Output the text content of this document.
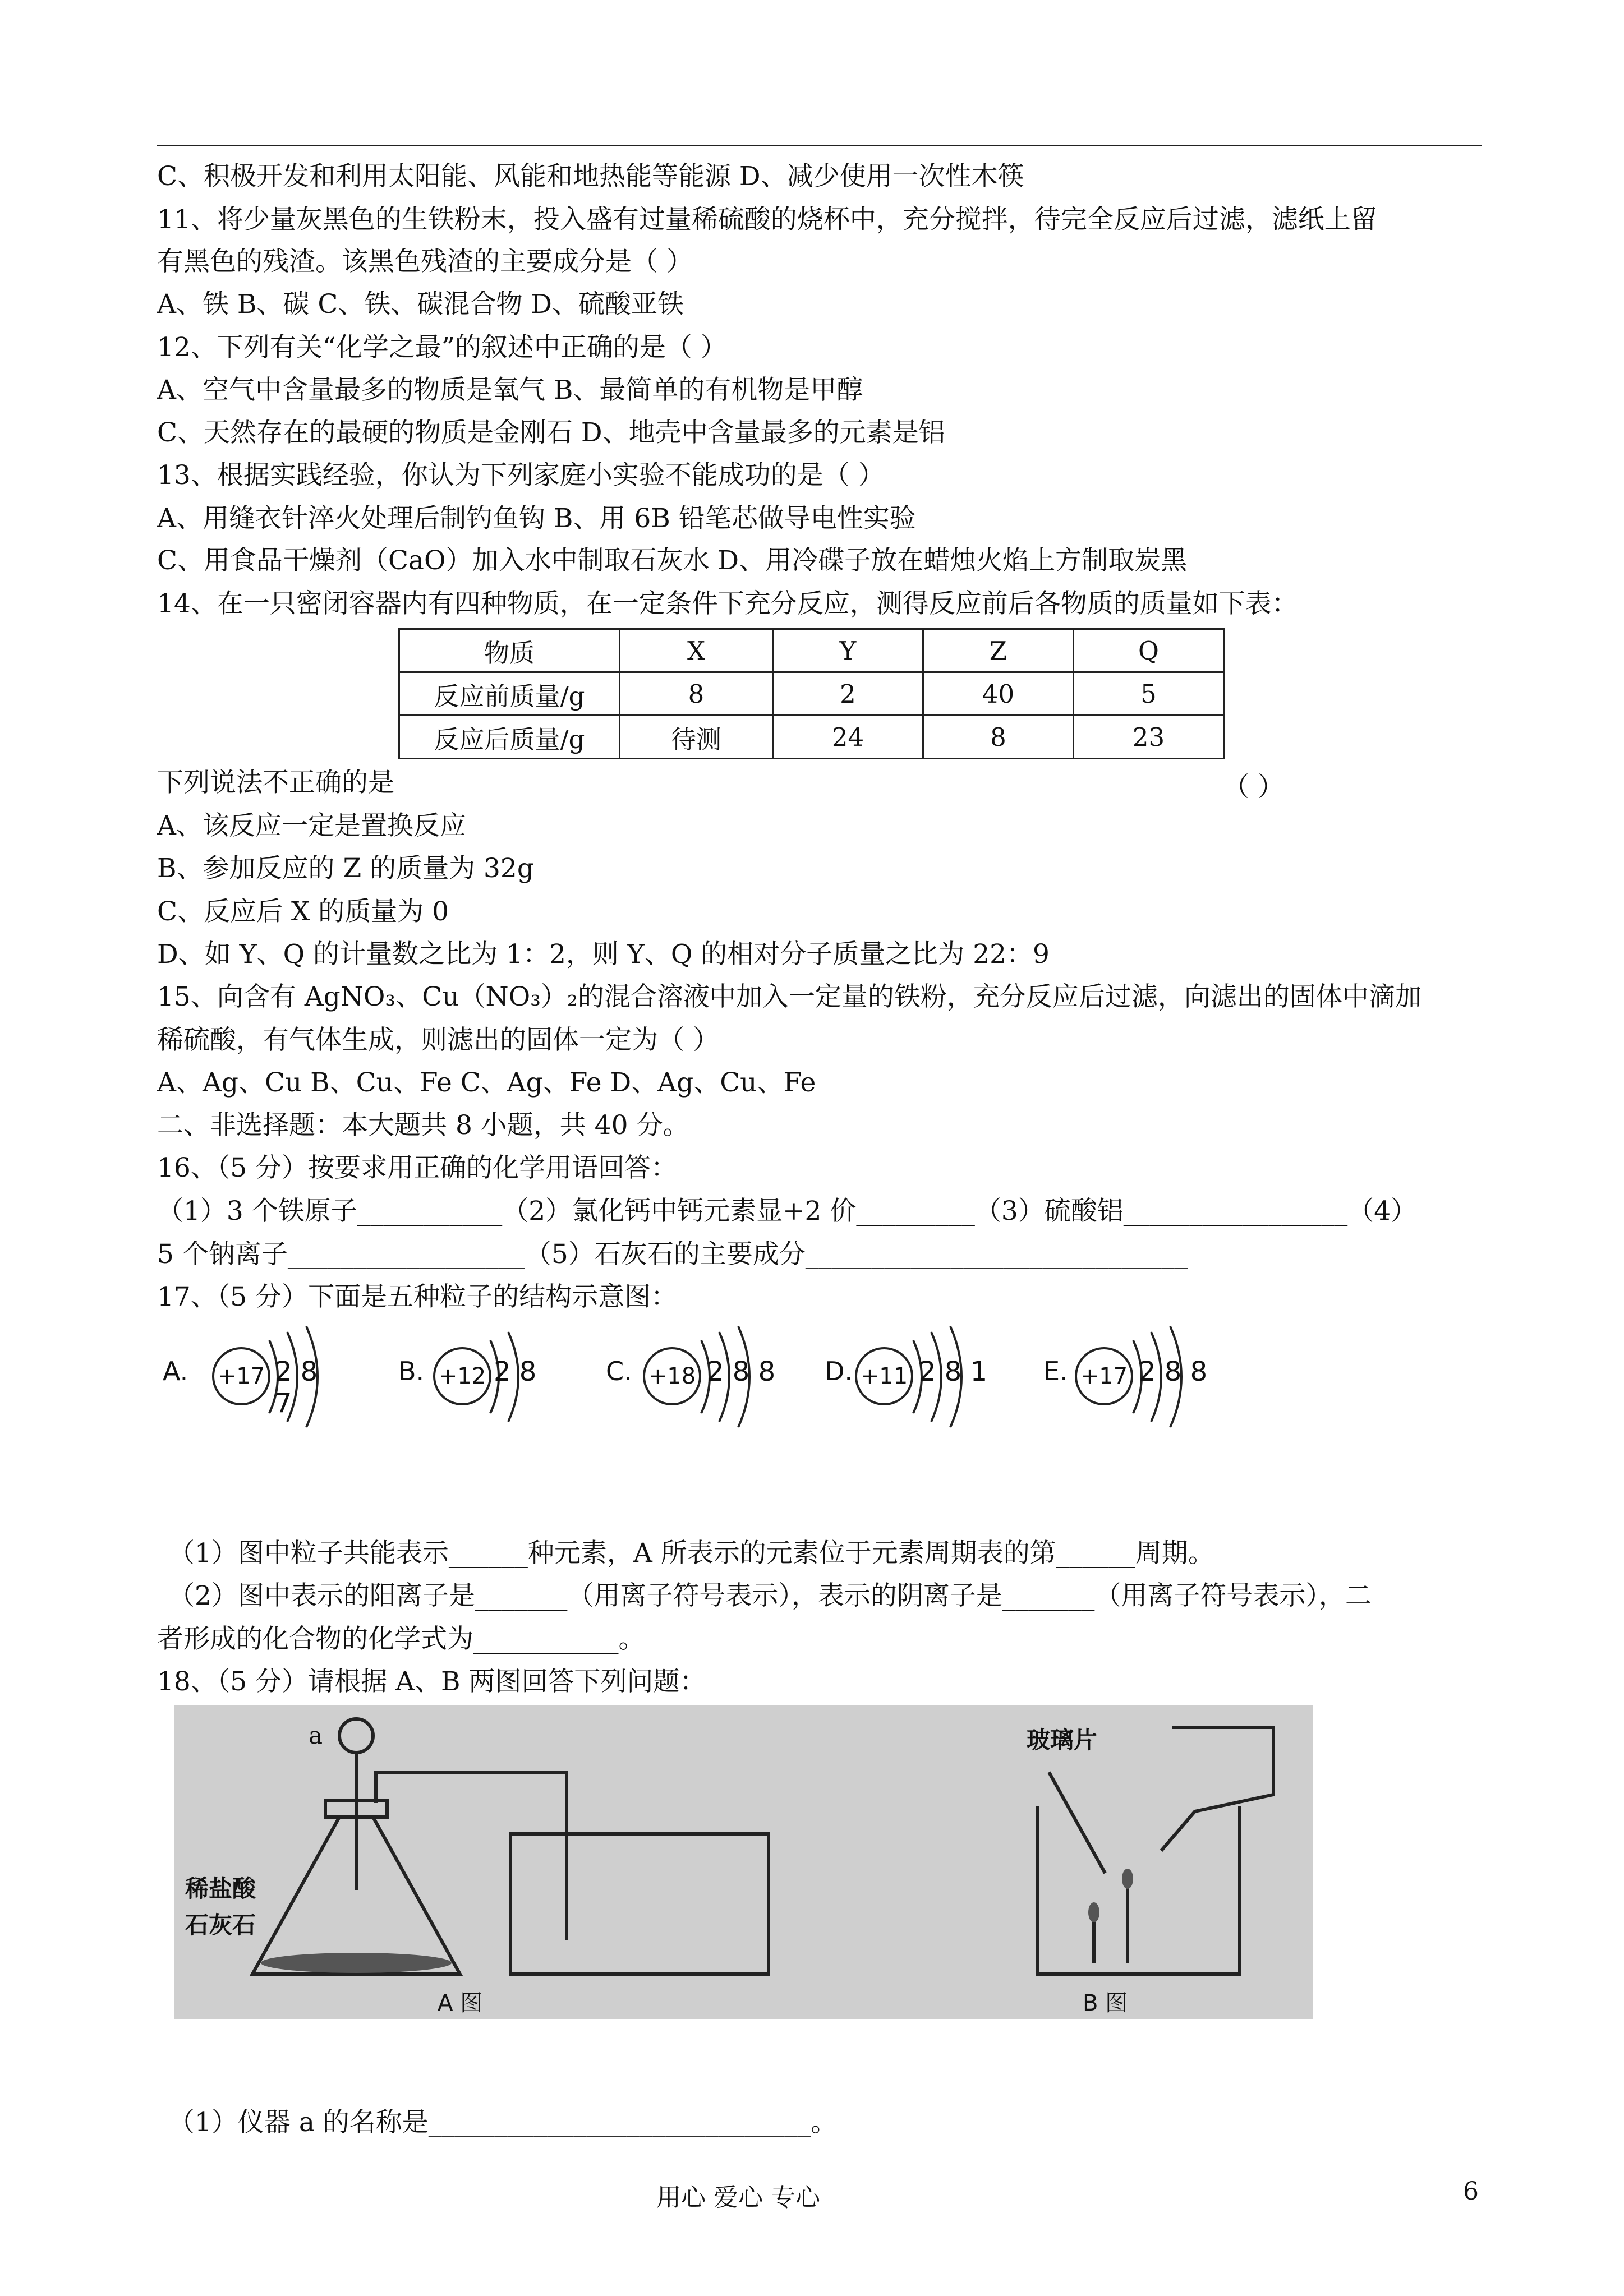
C、积极开发和利用太阳能、风能和地热能等能源 D、减少使用一次性木筷
11、将少量灰黑色的生铁粉末，投入盛有过量稀硫酸的烧杯中，充分搅拌，待完全反应后过滤，滤纸上留
有黑色的残渣。该黑色残渣的主要成分是（ ）
A、铁 B、碳 C、铁、碳混合物 D、硫酸亚铁
12、下列有关“化学之最”的叙述中正确的是（ ）
A、空气中含量最多的物质是氧气 B、最简单的有机物是甲醇
C、天然存在的最硬的物质是金刚石 D、地壳中含量最多的元素是铝
13、根据实践经验，你认为下列家庭小实验不能成功的是（ ）
A、用缝衣针淬火处理后制钓鱼钩 B、用 6B 铅笔芯做导电性实验
C、用食品干燥剂（CaO）加入水中制取石灰水 D、用冷碟子放在蜡烛火焰上方制取炭黑
14、在一只密闭容器内有四种物质，在一定条件下充分反应，测得反应前后各物质的质量如下表：
物质	X	Y	Z	Q
反应前质量/g	8	2	40	5
反应后质量/g	待测	24	8	23
下列说法不正确的是	（ ）
A、该反应一定是置换反应
B、参加反应的 Z 的质量为 32g
C、反应后 X 的质量为 0
D、如 Y、Q 的计量数之比为 1：2，则 Y、Q 的相对分子质量之比为 22：9
15、向含有 AgNO₃、Cu（NO₃）₂的混合溶液中加入一定量的铁粉，充分反应后过滤，向滤出的固体中滴加
稀硫酸，有气体生成，则滤出的固体一定为（ ）
A、Ag、Cu B、Cu、Fe C、Ag、Fe D、Ag、Cu、Fe
二、非选择题：本大题共 8 小题，共 40 分。
16、（5 分）按要求用正确的化学用语回答：
（1）3 个铁原子___________（2）氯化钙中钙元素显+2 价_________（3）硫酸铝_________________（4）
5 个钠离子__________________（5）石灰石的主要成分_____________________________
17、（5 分）下面是五种粒子的结构示意图：
A. +17 2 8 7
B. +12 2 8	C. +18 2 8 8 D. +11 2 8 1 E. +17 2 8 8
（1）图中粒子共能表示______种元素，A 所表示的元素位于元素周期表的第______周期。
（2）图中表示的阳离子是_______（用离子符号表示），表示的阴离子是_______（用离子符号表示），二
者形成的化合物的化学式为___________。
18、（5 分）请根据 A、B 两图回答下列问题：
a
稀盐酸
石灰石
玻璃片
A 图	B 图
（1）仪器 a 的名称是_____________________________。
用心 爱心 专心	6
